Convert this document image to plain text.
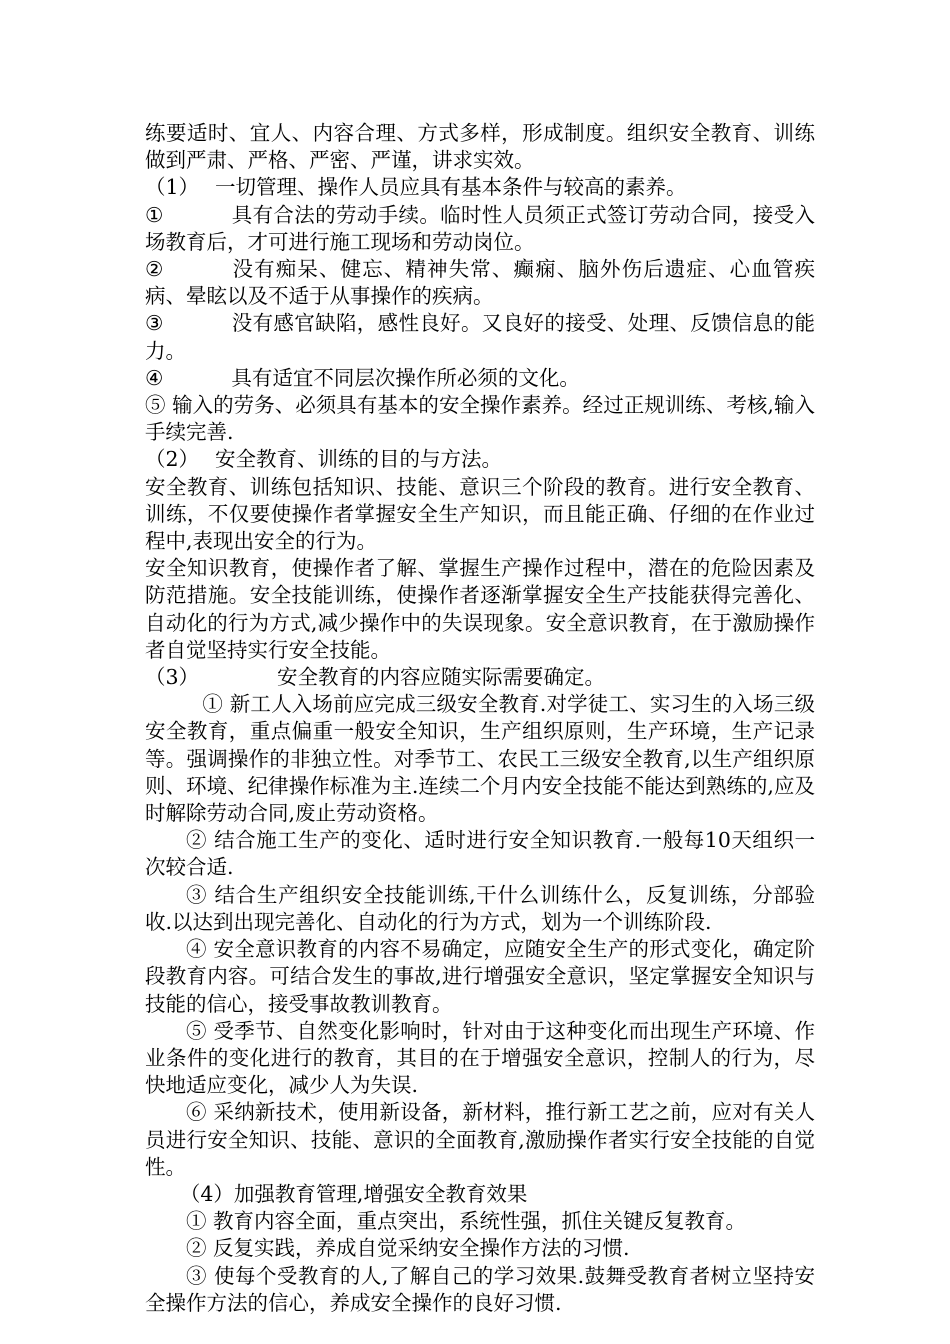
练要适时、宜人、内容合理、方式多样，形成制度。组织安全教育、训练做到严肃、严格、严密、严谨，讲求实效。

（1） 一切管理、操作人员应具有基本条件与较高的素养。

①	具有合法的劳动手续。临时性人员须正式签订劳动合同，接受入场教育后，才可进行施工现场和劳动岗位。

②	没有痴呆、健忘、精神失常、癫痫、脑外伤后遗症、心血管疾病、晕眩以及不适于从事操作的疾病。

③	没有感官缺陷，感性良好。又良好的接受、处理、反馈信息的能力。

④	具有适宜不同层次操作所必须的文化。

⑤ 输入的劳务、必须具有基本的安全操作素养。经过正规训练、考核,输入手续完善.

（2） 安全教育、训练的目的与方法。

安全教育、训练包括知识、技能、意识三个阶段的教育。进行安全教育、训练，不仅要使操作者掌握安全生产知识，而且能正确、仔细的在作业过程中,表现出安全的行为。

安全知识教育，使操作者了解、掌握生产操作过程中，潜在的危险因素及防范措施。安全技能训练，使操作者逐渐掌握安全生产技能获得完善化、自动化的行为方式,减少操作中的失误现象。安全意识教育，在于激励操作者自觉坚持实行安全技能。

（3）	安全教育的内容应随实际需要确定。

① 新工人入场前应完成三级安全教育.对学徒工、实习生的入场三级安全教育，重点偏重一般安全知识，生产组织原则，生产环境，生产记录等。强调操作的非独立性。对季节工、农民工三级安全教育,以生产组织原则、环境、纪律操作标准为主.连续二个月内安全技能不能达到熟练的,应及时解除劳动合同,废止劳动资格。

② 结合施工生产的变化、适时进行安全知识教育.一般每10天组织一次较合适.

③ 结合生产组织安全技能训练,干什么训练什么，反复训练，分部验收.以达到出现完善化、自动化的行为方式，划为一个训练阶段.

④ 安全意识教育的内容不易确定，应随安全生产的形式变化，确定阶段教育内容。可结合发生的事故,进行增强安全意识，坚定掌握安全知识与技能的信心，接受事故教训教育。

⑤ 受季节、自然变化影响时，针对由于这种变化而出现生产环境、作业条件的变化进行的教育，其目的在于增强安全意识，控制人的行为，尽快地适应变化，减少人为失误.

⑥ 采纳新技术，使用新设备，新材料，推行新工艺之前，应对有关人员进行安全知识、技能、意识的全面教育,激励操作者实行安全技能的自觉性。

（4）加强教育管理,增强安全教育效果

① 教育内容全面，重点突出，系统性强，抓住关键反复教育。

② 反复实践，养成自觉采纳安全操作方法的习惯.

③ 使每个受教育的人,了解自己的学习效果.鼓舞受教育者树立坚持安全操作方法的信心，养成安全操作的良好习惯.
